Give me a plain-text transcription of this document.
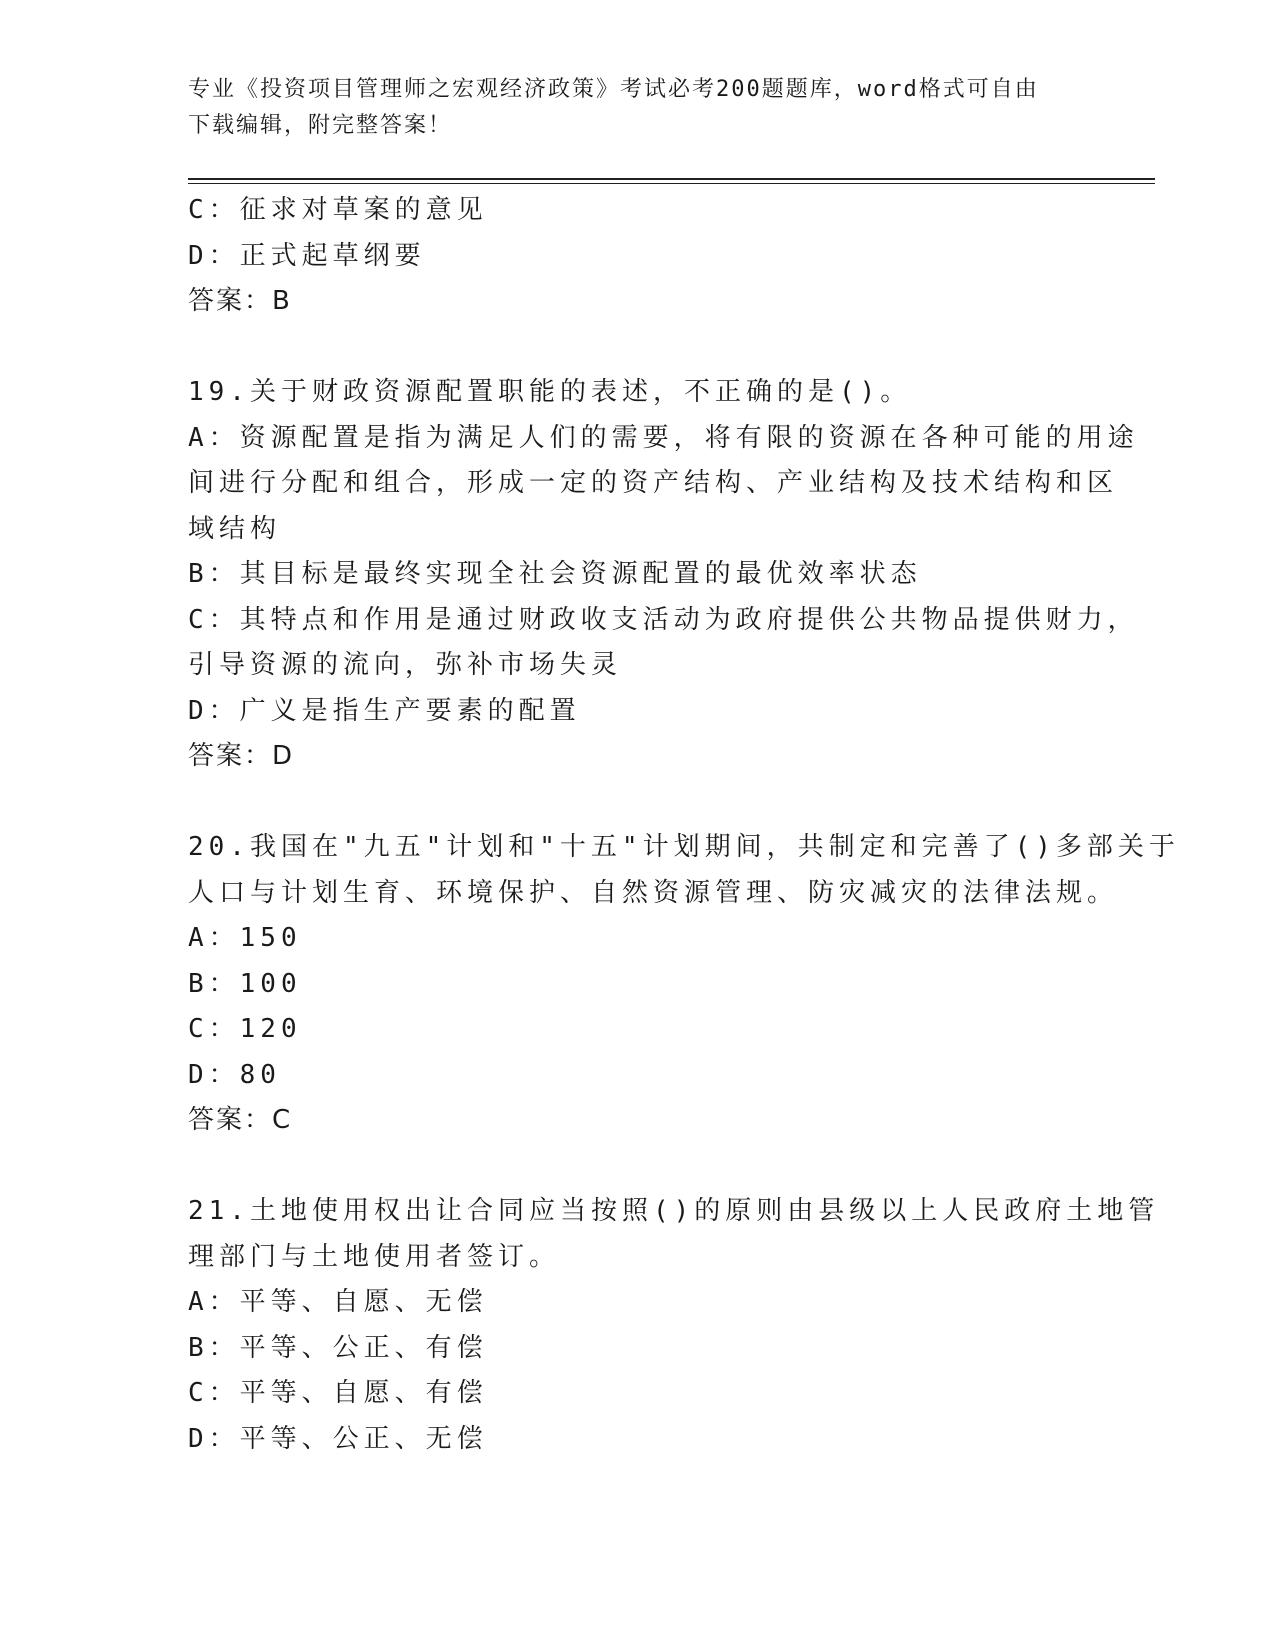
专业《投资项目管理师之宏观经济政策》考试必考200题题库，word格式可自由
下载编辑，附完整答案！
C：征求对草案的意见
D：正式起草纲要
答案：B
19.关于财政资源配置职能的表述，不正确的是()。
A：资源配置是指为满足人们的需要，将有限的资源在各种可能的用途
间进行分配和组合，形成一定的资产结构、产业结构及技术结构和区
域结构
B：其目标是最终实现全社会资源配置的最优效率状态
C：其特点和作用是通过财政收支活动为政府提供公共物品提供财力，
引导资源的流向，弥补市场失灵
D：广义是指生产要素的配置
答案：D
20.我国在"九五"计划和"十五"计划期间，共制定和完善了()多部关于
人口与计划生育、环境保护、自然资源管理、防灾减灾的法律法规。
A：150
B：100
C：120
D：80
答案：C
21.土地使用权出让合同应当按照()的原则由县级以上人民政府土地管
理部门与土地使用者签订。
A：平等、自愿、无偿
B：平等、公正、有偿
C：平等、自愿、有偿
D：平等、公正、无偿
